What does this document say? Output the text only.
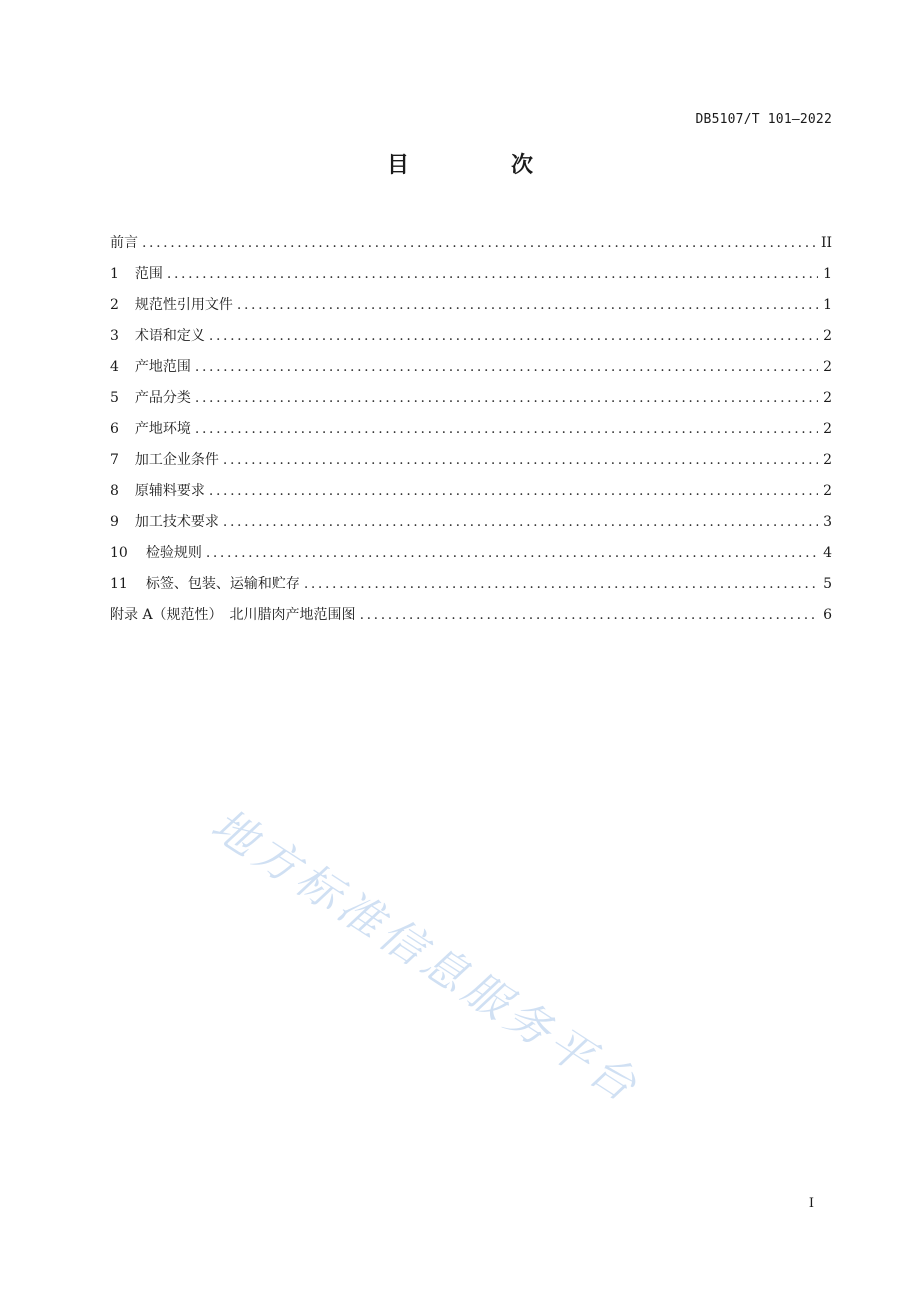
DB5107/T 101—2022
目　次
前言 .....	II
1 范围 .....	1
2 规范性引用文件 .....	1
3 术语和定义 .....	2
4 产地范围 .....	2
5 产品分类 .....	2
6 产地环境 .....	2
7 加工企业条件 .....	2
8 原辅料要求 .....	2
9 加工技术要求 .....	3
10 检验规则 .....	4
11 标签、包装、运输和贮存 .....	5
附录 A（规范性）　北川腊肉产地范围图 .....	6
地方标准信息服务平台
I
